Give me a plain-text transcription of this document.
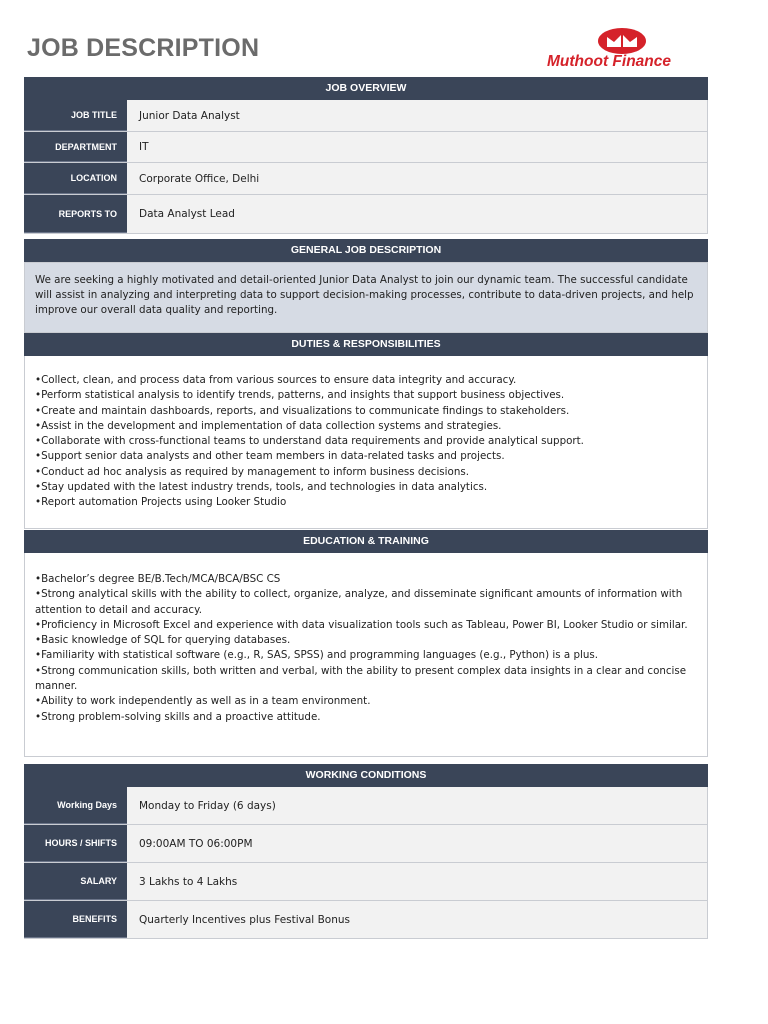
JOB DESCRIPTION	Muthoot Finance
JOB OVERVIEW
JOB TITLE	Junior Data Analyst
DEPARTMENT	IT
LOCATION	Corporate Office, Delhi
REPORTS TO	Data Analyst Lead
GENERAL JOB DESCRIPTION
We are seeking a highly motivated and detail-oriented Junior Data Analyst to join our dynamic team. The successful candidate will assist in analyzing and interpreting data to support decision-making processes, contribute to data-driven projects, and help improve our overall data quality and reporting.
DUTIES & RESPONSIBILITIES
•Collect, clean, and process data from various sources to ensure data integrity and accuracy.
•Perform statistical analysis to identify trends, patterns, and insights that support business objectives.
•Create and maintain dashboards, reports, and visualizations to communicate findings to stakeholders.
•Assist in the development and implementation of data collection systems and strategies.
•Collaborate with cross-functional teams to understand data requirements and provide analytical support.
•Support senior data analysts and other team members in data-related tasks and projects.
•Conduct ad hoc analysis as required by management to inform business decisions.
•Stay updated with the latest industry trends, tools, and technologies in data analytics.
•Report automation Projects using Looker Studio
EDUCATION & TRAINING
•Bachelor’s degree BE/B.Tech/MCA/BCA/BSC CS
•Strong analytical skills with the ability to collect, organize, analyze, and disseminate significant amounts of information with attention to detail and accuracy.
•Proficiency in Microsoft Excel and experience with data visualization tools such as Tableau, Power BI, Looker Studio or similar.
•Basic knowledge of SQL for querying databases.
•Familiarity with statistical software (e.g., R, SAS, SPSS) and programming languages (e.g., Python) is a plus.
•Strong communication skills, both written and verbal, with the ability to present complex data insights in a clear and concise manner.
•Ability to work independently as well as in a team environment.
•Strong problem-solving skills and a proactive attitude.
WORKING CONDITIONS
Working Days	Monday to Friday (6 days)
HOURS / SHIFTS	09:00AM TO 06:00PM
SALARY	3 Lakhs to 4 Lakhs
BENEFITS	Quarterly Incentives plus Festival Bonus
